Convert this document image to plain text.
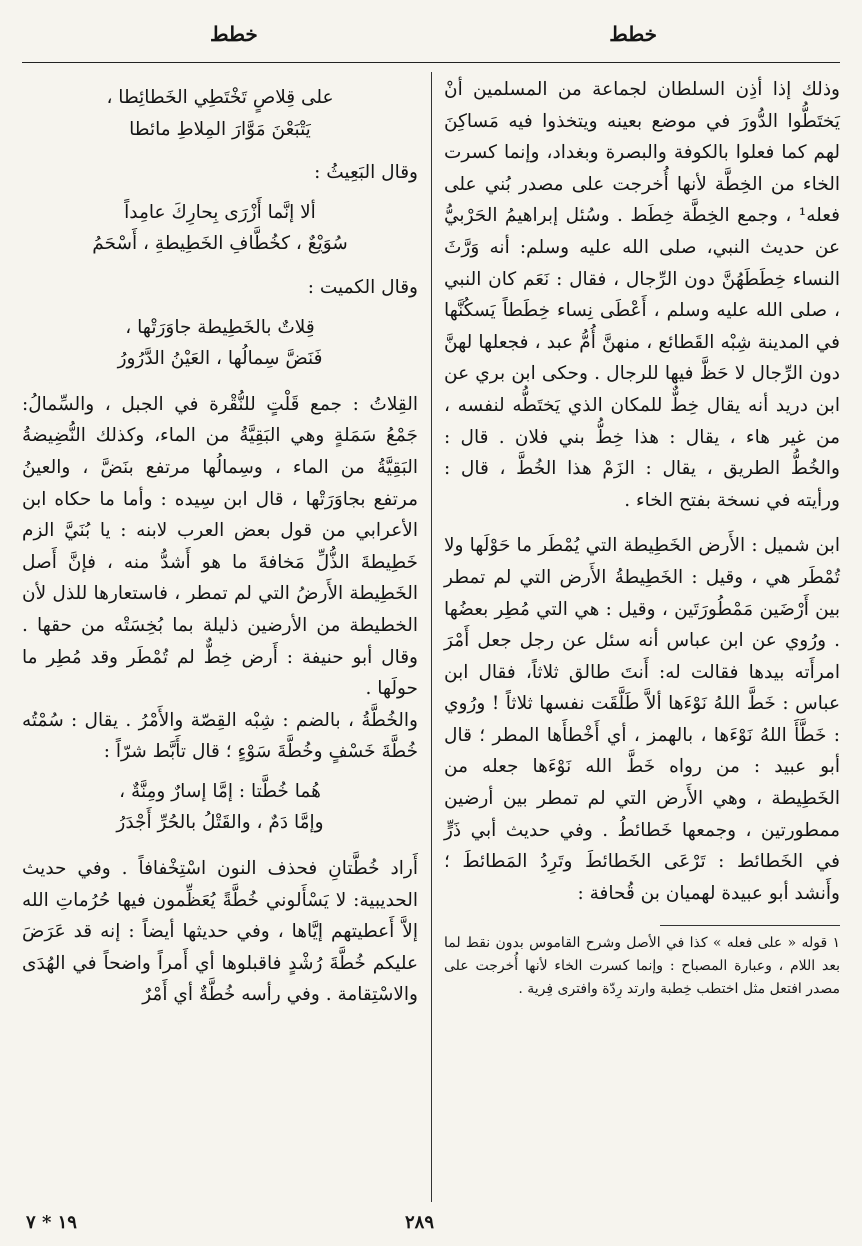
خطط
خطط

وذلك إذا أذِن السلطان لجماعة من المسلمين أنْ يَختَطُّوا الدُّورَ في موضع بعينه ويتخذوا فيه مَساكِنَ لهم كما فعلوا بالكوفة والبصرة وبغداد، وإنما كسرت الخاء من الخِطَّة لأنها أُخرجت على مصدر بُني على فعله¹ ، وجمع الخِطَّة خِطَط . وسُئل إبراهيمُ الحَرْبيُّ عن حديث النبي، صلى الله عليه وسلم: أنه وَرَّثَ النساء خِطَطَهُنَّ دون الرِّجال ، فقال : نَعَم كان النبي ، صلى الله عليه وسلم ، أَعْطَى نِساء خِطَطاً يَسكُنَّها في المدينة شِبْه القَطائع ، منهنَّ أُمُّ عبد ، فجعلها لهنَّ دون الرِّجال لا حَظَّ فيها للرجال . وحكى ابن بري عن ابن دريد أنه يقال خِطٌّ للمكان الذي يَختَطُّه لنفسه ، من غير هاء ، يقال : هذا خِطُّ بني فلان . قال : والخُطُّ الطريق ، يقال : الزَمْ هذا الخُطَّ ، قال : ورأيته في نسخة بفتح الخاء .

ابن شميل : الأَرض الخَطِيطة التي يُمْطَر ما حَوْلَها ولا تُمْطَر هي ، وقيل : الخَطِيطةُ الأَرض التي لم تمطر بين أَرْضَين مَمْطُورَتَين ، وقيل : هي التي مُطِر بعضُها . ورُوي عن ابن عباس أنه سئل عن رجل جعل أَمْرَ امرأَته بيدها فقالت له: أَنتَ طالق ثلاثاً، فقال ابن عباس : خَطَّ اللهُ نَوْءَها ألاَّ طَلَّقَت نفسها ثلاثاً ! ورُوي : خَطَّأَ اللهُ نَوْءَها ، بالهمز ، أي أَخْطأَها المطر ؛ قال أبو عبيد : من رواه خَطَّ الله نَوْءَها جعله من الخَطِيطة ، وهي الأَرض التي لم تمطر بين أرضين ممطورتين ، وجمعها خَطائطُ . وفي حديث أبي ذَرٍّ في الخَطائط : تَرْعَى الخَطائطَ وتَرِدُ المَطائطَ ؛ وأَنشد أبو عبيدة لهميان بن قُحافة :

١ قوله « على فعله » كذا في الأصل وشرح القاموس بدون نقط لما بعد اللام ، وعبارة المصباح : وإنما كسرت الخاء لأنها أُخرجت على مصدر افتعل مثل اختطب خِطبة وارتد رِدّة وافترى فِرية .

على قِلاصٍ تَخْتَطِي الخَطائِطا ،

يَتْبَعْنَ مَوَّارَ المِلاطِ مائطا

وقال البَعِيثُ :

ألا إنَّما أَزْرَى بِحارِكَ عامِداً

سُوَيْعٌ ، كخُطَّافِ الخَطِيطةِ ، أَسْحَمُ

وقال الكميت :

قِلاتٌ بالخَطِيطة جاوَرَتْها ،

فَنَضَّ سِمالُها ، العَيْنُ الدَّرُورُ

القِلاتُ : جمع قَلْتٍ للنُّقْرة في الجبل ، والسِّمالُ: جَمْعُ سَمَلةٍ وهي البَقِيَّةُ من الماء، وكذلك النُّضِيضةُ البَقِيَّةُ من الماء ، وسِمالُها مرتفع بنَضَّ ، والعينُ مرتفع بجاوَرَتْها ، قال ابن سِيده : وأما ما حكاه ابن الأعرابي من قول بعض العرب لابنه : يا بُنَيَّ الزم خَطِيطةَ الذُّلِّ مَخافةَ ما هو أَشدُّ منه ، فإنَّ أَصل الخَطِيطة الأَرضُ التي لم تمطر ، فاستعارها للذل لأن الخطيطة من الأرضين ذليلة بما بُخِسَتْه من حقها . وقال أبو حنيفة : أَرض خِطٌّ لم تُمْطَر وقد مُطِر ما حولَها .

والخُطَّةُ ، بالضم : شِبْه القِصّة والأَمْرُ . يقال : سُمْتُه خُطَّةَ خَسْفٍ وخُطَّةَ سَوْءٍ ؛ قال تأَبَّط شرّاً :

هُما خُطَّتا : إمَّا إسارٌ ومِنَّةٌ ،

وإمَّا دَمٌ ، والقَتْلُ بالحُرِّ أَجْدَرُ

أَراد خُطَّتانِ فحذف النون اسْتِخْفافاً . وفي حديث الحديبية: لا يَسْأَلوني خُطَّةً يُعَظِّمون فيها حُرُماتِ الله إلاَّ أَعطيتهم إيَّاها ، وفي حديثها أيضاً : إنه قد عَرَضَ عليكم خُطَّةَ رُشْدٍ فاقبلوها أي أَمراً واضحاً في الهُدَى والاسْتِقامة . وفي رأسه خُطَّةٌ أي أَمْرٌ

٢٨٩
١٩ * ٧
